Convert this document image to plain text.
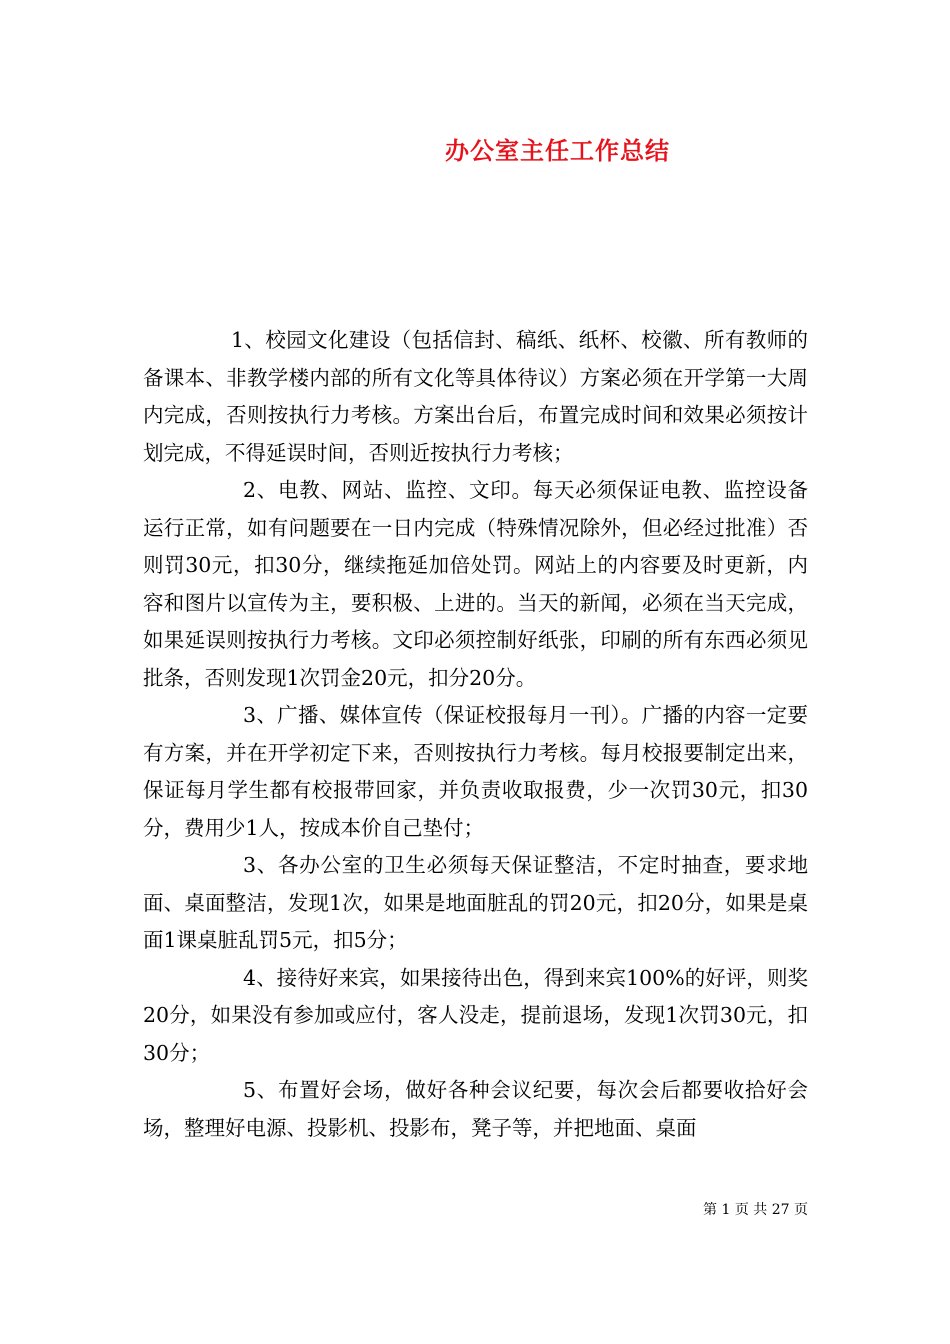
办公室主任工作总结

1、校园文化建设（包括信封、稿纸、纸杯、校徽、所有教师的备课本、非教学楼内部的所有文化等具体待议）方案必须在开学第一大周内完成，否则按执行力考核。方案出台后，布置完成时间和效果必须按计划完成，不得延误时间，否则近按执行力考核；

2、电教、网站、监控、文印。每天必须保证电教、监控设备运行正常，如有问题要在一日内完成（特殊情况除外，但必经过批准）否则罚30元，扣30分，继续拖延加倍处罚。网站上的内容要及时更新，内容和图片以宣传为主，要积极、上进的。当天的新闻，必须在当天完成，如果延误则按执行力考核。文印必须控制好纸张，印刷的所有东西必须见批条，否则发现1次罚金20元，扣分20分。

3、广播、媒体宣传（保证校报每月一刊）。广播的内容一定要有方案，并在开学初定下来，否则按执行力考核。每月校报要制定出来，保证每月学生都有校报带回家，并负责收取报费，少一次罚30元，扣30分，费用少1人，按成本价自己垫付；

3、各办公室的卫生必须每天保证整洁，不定时抽查，要求地面、桌面整洁，发现1次，如果是地面脏乱的罚20元，扣20分，如果是桌面1课桌脏乱罚5元，扣5分；

4、接待好来宾，如果接待出色，得到来宾100%的好评，则奖20分，如果没有参加或应付，客人没走，提前退场，发现1次罚30元，扣30分；

5、布置好会场，做好各种会议纪要，每次会后都要收拾好会场，整理好电源、投影机、投影布，凳子等，并把地面、桌面

第 1 页 共 27 页
